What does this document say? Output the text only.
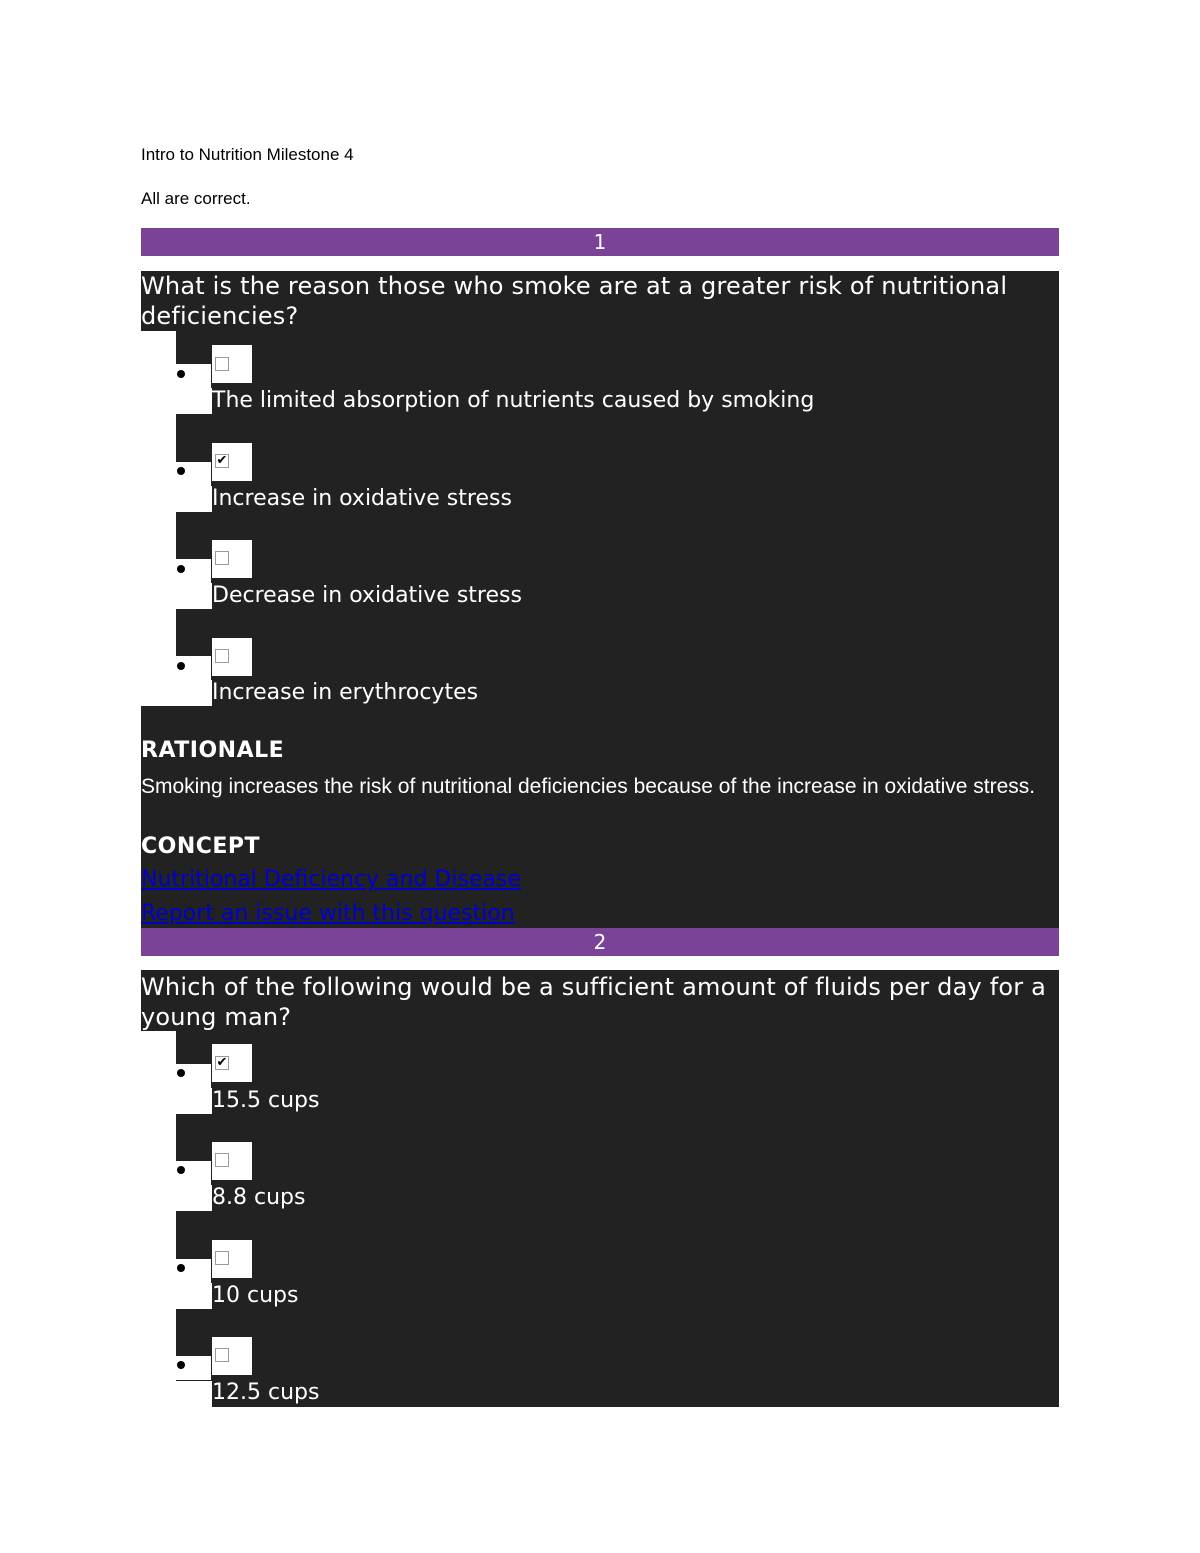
Intro to Nutrition Milestone 4
All are correct.
1
What is the reason those who smoke are at a greater risk of nutritional deficiencies?
The limited absorption of nutrients caused by smoking
✔
Increase in oxidative stress
Decrease in oxidative stress
Increase in erythrocytes
RATIONALE
Smoking increases the risk of nutritional deficiencies because of the increase in oxidative stress.
CONCEPT
Nutritional Deficiency and Disease
Report an issue with this question
2
Which of the following would be a sufficient amount of fluids per day for a young man?
✔
15.5 cups
8.8 cups
10 cups
12.5 cups
